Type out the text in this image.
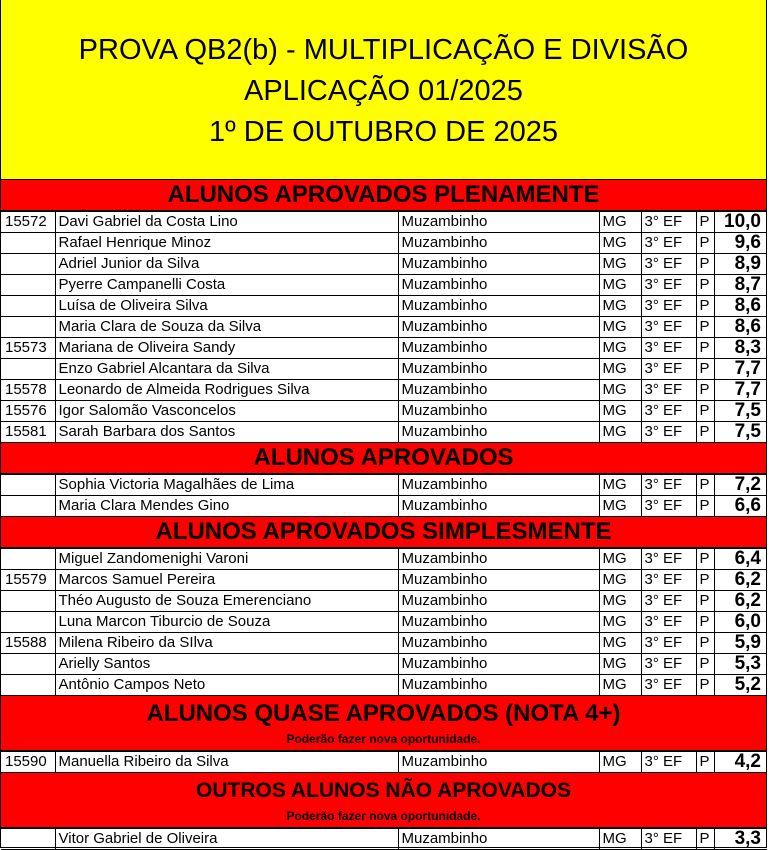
PROVA QB2(b) - MULTIPLICAÇÃO E DIVISÃO
APLICAÇÃO 01/2025
1º DE OUTUBRO DE 2025
ALUNOS APROVADOS PLENAMENTE
15572	Davi Gabriel da Costa Lino	Muzambinho	MG	3° EF	P	10,0
	Rafael Henrique Minoz	Muzambinho	MG	3° EF	P	9,6
	Adriel Junior da Silva	Muzambinho	MG	3° EF	P	8,9
	Pyerre Campanelli Costa	Muzambinho	MG	3° EF	P	8,7
	Luísa de Oliveira Silva	Muzambinho	MG	3° EF	P	8,6
	Maria Clara de Souza da Silva	Muzambinho	MG	3° EF	P	8,6
15573	Mariana de Oliveira Sandy	Muzambinho	MG	3° EF	P	8,3
	Enzo Gabriel Alcantara da Silva	Muzambinho	MG	3° EF	P	7,7
15578	Leonardo de Almeida Rodrigues Silva	Muzambinho	MG	3° EF	P	7,7
15576	Igor Salomão Vasconcelos	Muzambinho	MG	3° EF	P	7,5
15581	Sarah Barbara dos Santos	Muzambinho	MG	3° EF	P	7,5
ALUNOS APROVADOS
	Sophia Victoria Magalhães de Lima	Muzambinho	MG	3° EF	P	7,2
	Maria Clara Mendes Gino	Muzambinho	MG	3° EF	P	6,6
ALUNOS APROVADOS SIMPLESMENTE
	Miguel Zandomenighi Varoni	Muzambinho	MG	3° EF	P	6,4
15579	Marcos Samuel Pereira	Muzambinho	MG	3° EF	P	6,2
	Théo Augusto de Souza Emerenciano	Muzambinho	MG	3° EF	P	6,2
	Luna Marcon Tiburcio de Souza	Muzambinho	MG	3° EF	P	6,0
15588	Milena Ribeiro da SIlva	Muzambinho	MG	3° EF	P	5,9
	Arielly Santos	Muzambinho	MG	3° EF	P	5,3
	Antônio Campos Neto	Muzambinho	MG	3° EF	P	5,2
ALUNOS QUASE APROVADOS (NOTA 4+)
Poderão fazer nova oportunidade.
15590	Manuella Ribeiro da Silva	Muzambinho	MG	3° EF	P	4,2
OUTROS ALUNOS NÃO APROVADOS
Poderão fazer nova oportunidade.
	Vitor Gabriel de Oliveira	Muzambinho	MG	3° EF	P	3,3
